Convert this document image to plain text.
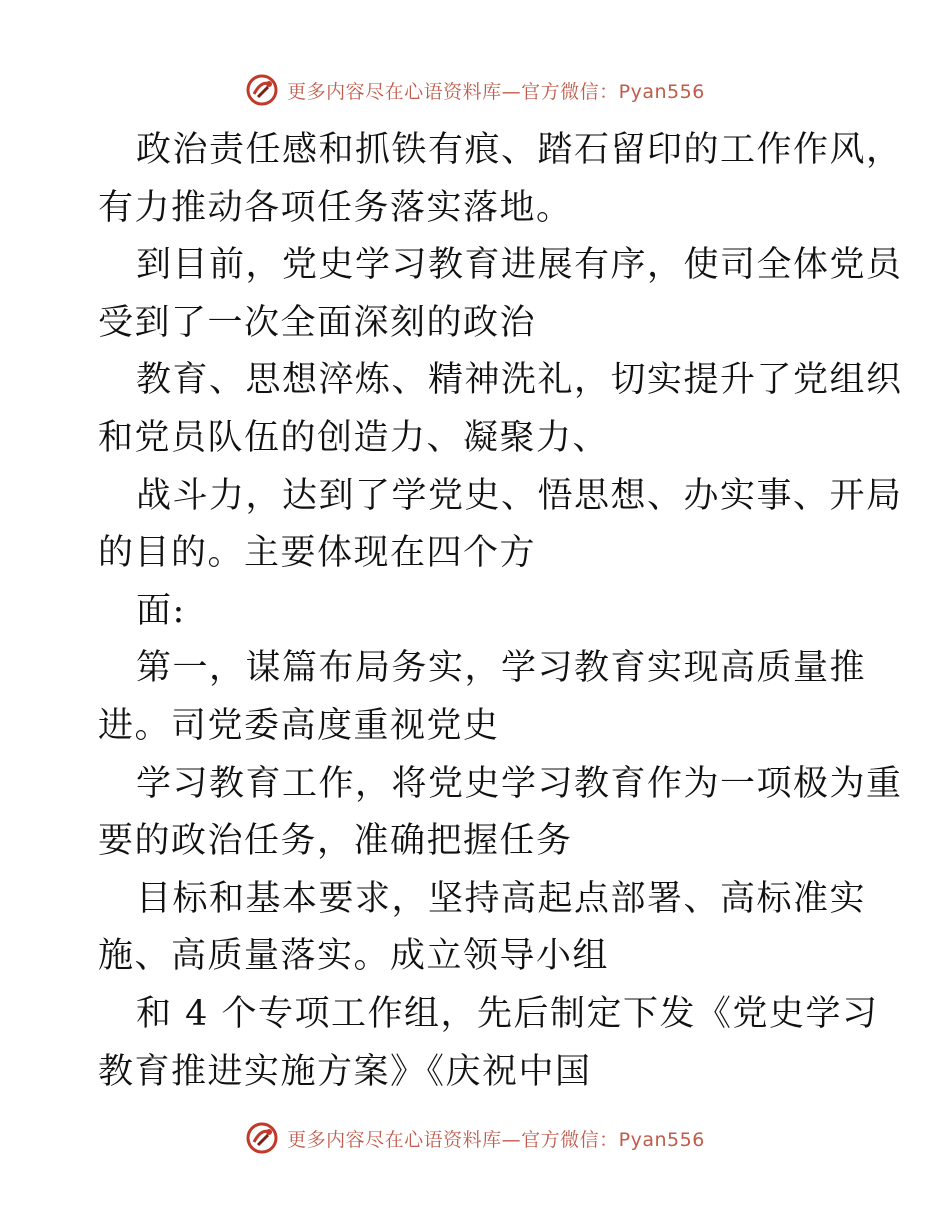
更多内容尽在心语资料库—官方微信：Pyan556
政治责任感和抓铁有痕、踏石留印的工作作风，
有力推动各项任务落实落地。
到目前，党史学习教育进展有序，使司全体党员
受到了一次全面深刻的政治
教育、思想淬炼、精神洗礼，切实提升了党组织
和党员队伍的创造力、凝聚力、
战斗力，达到了学党史、悟思想、办实事、开局
的目的。主要体现在四个方
面:
第一，谋篇布局务实，学习教育实现高质量推
进。司党委高度重视党史
学习教育工作，将党史学习教育作为一项极为重
要的政治任务，准确把握任务
目标和基本要求，坚持高起点部署、高标准实
施、高质量落实。成立领导小组
和 4 个专项工作组，先后制定下发《党史学习
教育推进实施方案》《庆祝中国
更多内容尽在心语资料库—官方微信：Pyan556
